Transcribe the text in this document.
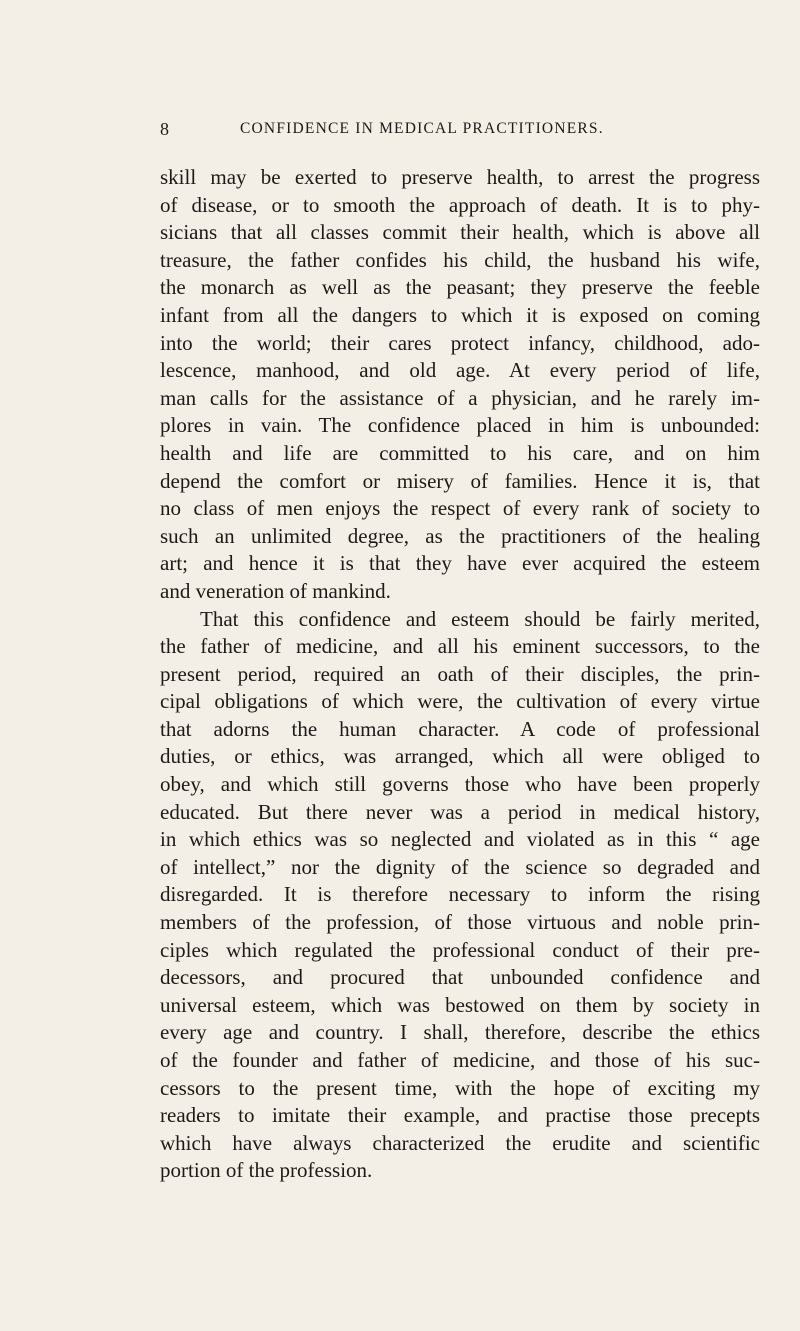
8	CONFIDENCE IN MEDICAL PRACTITIONERS.
skill may be exerted to preserve health, to arrest the progress
of disease, or to smooth the approach of death. It is to phy-
sicians that all classes commit their health, which is above all
treasure, the father confides his child, the husband his wife,
the monarch as well as the peasant; they preserve the feeble
infant from all the dangers to which it is exposed on coming
into the world; their cares protect infancy, childhood, ado-
lescence, manhood, and old age. At every period of life,
man calls for the assistance of a physician, and he rarely im-
plores in vain. The confidence placed in him is unbounded:
health and life are committed to his care, and on him
depend the comfort or misery of families. Hence it is, that
no class of men enjoys the respect of every rank of society to
such an unlimited degree, as the practitioners of the healing
art; and hence it is that they have ever acquired the esteem
and veneration of mankind.
That this confidence and esteem should be fairly merited,
the father of medicine, and all his eminent successors, to the
present period, required an oath of their disciples, the prin-
cipal obligations of which were, the cultivation of every virtue
that adorns the human character. A code of professional
duties, or ethics, was arranged, which all were obliged to
obey, and which still governs those who have been properly
educated. But there never was a period in medical history,
in which ethics was so neglected and violated as in this “ age
of intellect,” nor the dignity of the science so degraded and
disregarded. It is therefore necessary to inform the rising
members of the profession, of those virtuous and noble prin-
ciples which regulated the professional conduct of their pre-
decessors, and procured that unbounded confidence and
universal esteem, which was bestowed on them by society in
every age and country. I shall, therefore, describe the ethics
of the founder and father of medicine, and those of his suc-
cessors to the present time, with the hope of exciting my
readers to imitate their example, and practise those precepts
which have always characterized the erudite and scientific
portion of the profession.
